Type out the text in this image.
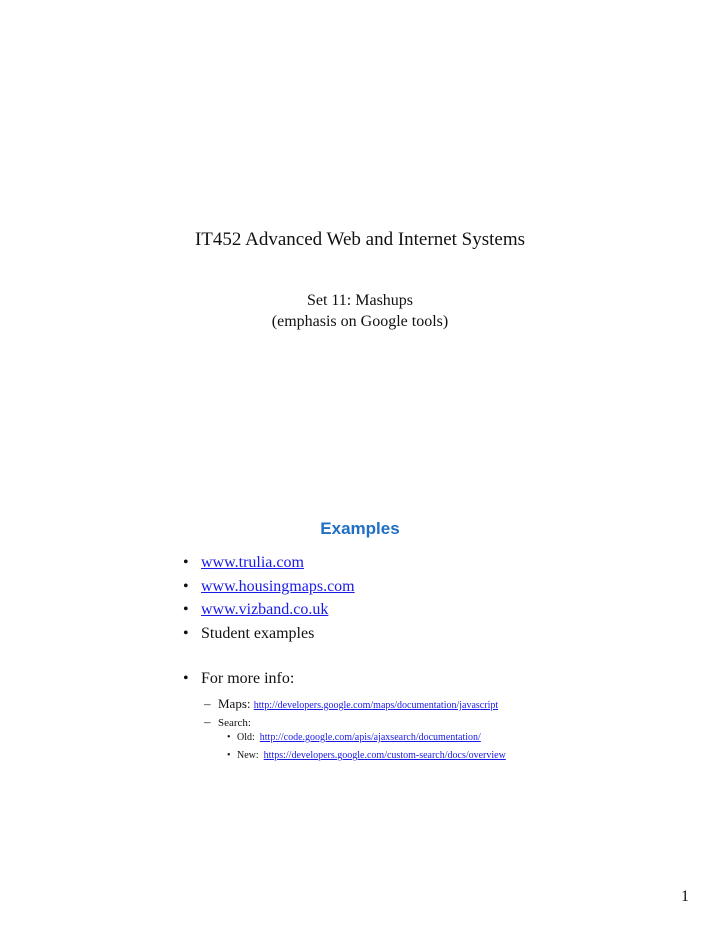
IT452 Advanced Web and Internet Systems
Set 11: Mashups
(emphasis on Google tools)
Examples
• www.trulia.com
• www.housingmaps.com
• www.vizband.co.uk
• Student examples
• For more info:
– Maps: http://developers.google.com/maps/documentation/javascript
– Search:
• Old: http://code.google.com/apis/ajaxsearch/documentation/
• New: https://developers.google.com/custom-search/docs/overview
1
